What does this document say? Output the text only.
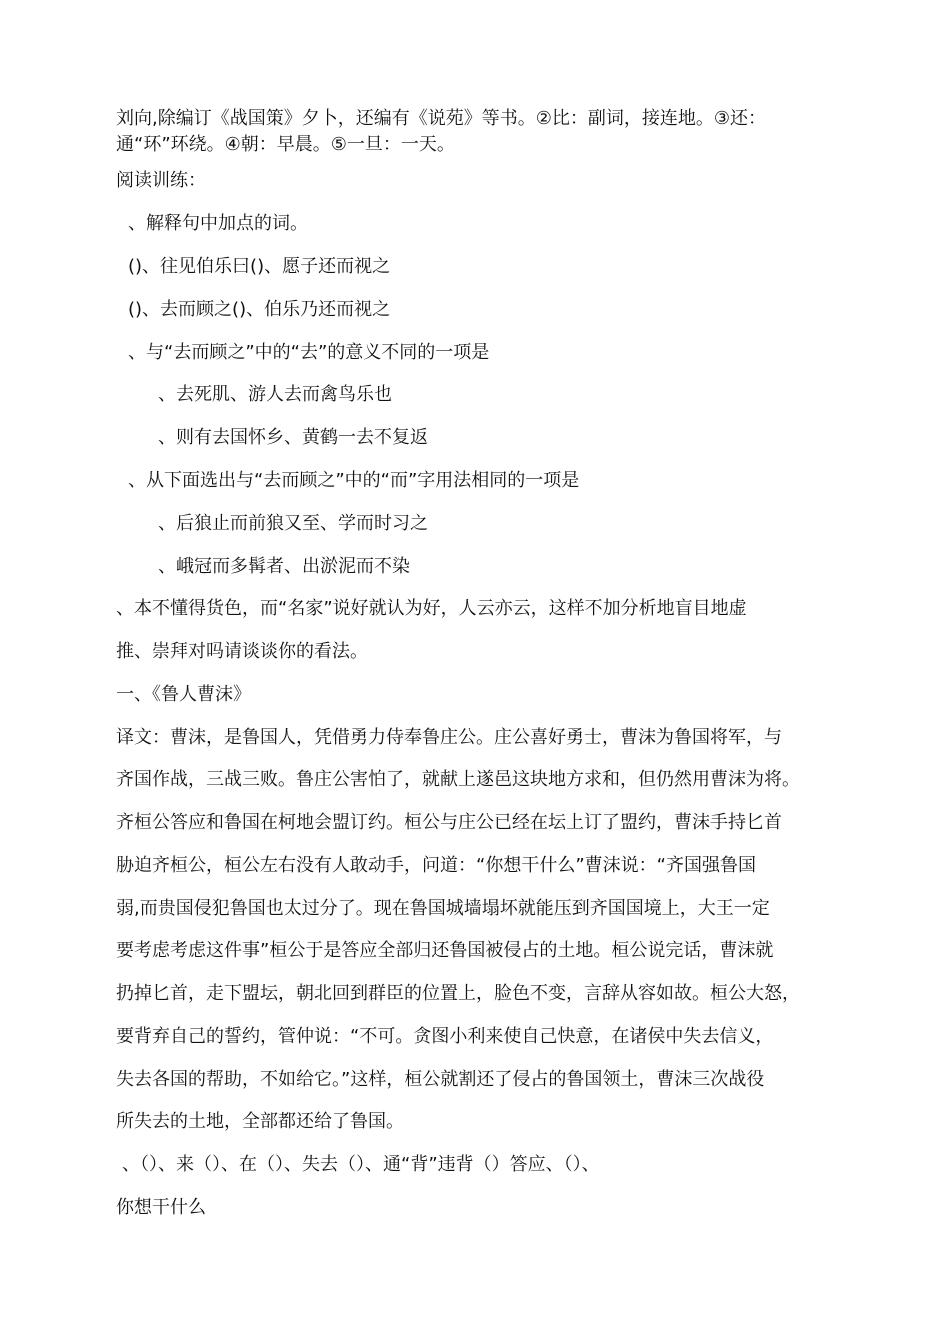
刘向,除编订《战国策》夕卜，还编有《说苑》等书。②比：副词，接连地。③还：
通“环”环绕。④朝：早晨。⑤一旦：一天。
阅读训练：
、解释句中加点的词。
()、往见伯乐曰()、愿子还而视之
()、去而顾之()、伯乐乃还而视之
、与“去而顾之”中的“去”的意义不同的一项是
、去死肌、游人去而禽鸟乐也
、则有去国怀乡、黄鹤一去不复返
、从下面选出与“去而顾之”中的“而”字用法相同的一项是
、后狼止而前狼又至、学而时习之
、峨冠而多髯者、出淤泥而不染
、本不懂得货色，而“名家”说好就认为好，人云亦云，这样不加分析地盲目地虚
推、崇拜对吗请谈谈你的看法。
一、《鲁人曹沫》
译文：曹沫，是鲁国人，凭借勇力侍奉鲁庄公。庄公喜好勇士，曹沫为鲁国将军，与
齐国作战，三战三败。鲁庄公害怕了，就献上遂邑这块地方求和，但仍然用曹沫为将。
齐桓公答应和鲁国在柯地会盟订约。桓公与庄公已经在坛上订了盟约，曹沫手持匕首
胁迫齐桓公，桓公左右没有人敢动手，问道：“你想干什么”曹沫说：“齐国强鲁国
弱,而贵国侵犯鲁国也太过分了。现在鲁国城墙塌坏就能压到齐国国境上，大王一定
要考虑考虑这件事”桓公于是答应全部归还鲁国被侵占的土地。桓公说完话，曹沫就
扔掉匕首，走下盟坛，朝北回到群臣的位置上，脸色不变，言辞从容如故。桓公大怒，
要背弃自己的誓约，管仲说：“不可。贪图小利来使自己快意，在诸侯中失去信义，
失去各国的帮助，不如给它。”这样，桓公就割还了侵占的鲁国领土，曹沫三次战役
所失去的土地，全部都还给了鲁国。
、（）、来（）、在（）、失去（）、通“背”违背（）答应、（）、
你想干什么
